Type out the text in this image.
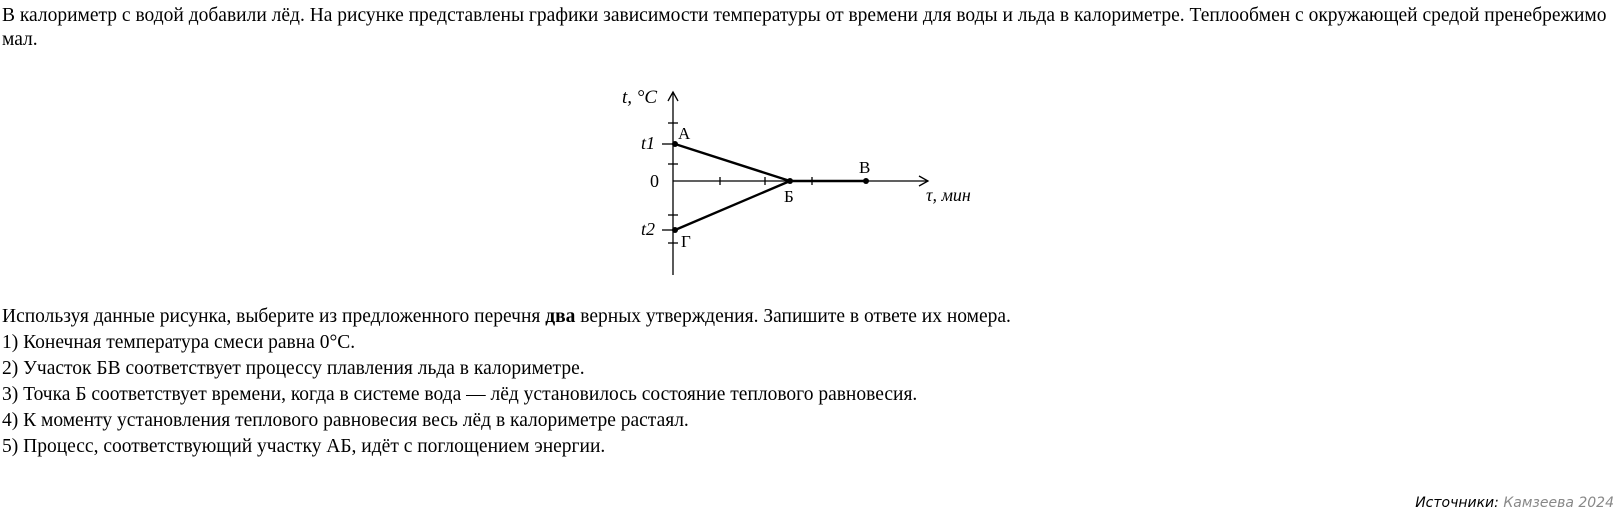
В калориметр с водой добавили лёд. На рисунке представлены графики зависимости температуры от времени для воды и льда в калориметре. Теплообмен с окружающей средой пренебрежимо мал.
t, °C
τ, мин
t1
t2
0
А
Б
В
Г

Используя данные рисунка, выберите из предложенного перечня два верных утверждения. Запишите в ответе их номера.

1) Конечная температура смеси равна 0°C.

2) Участок БВ соответствует процессу плавления льда в калориметре.

3) Точка Б соответствует времени, когда в системе вода — лёд установилось состояние теплового равновесия.

4) К моменту установления теплового равновесия весь лёд в калориметре растаял.

5) Процесс, соответствующий участку АБ, идёт с поглощением энергии.

Источники: Камзеева 2024
